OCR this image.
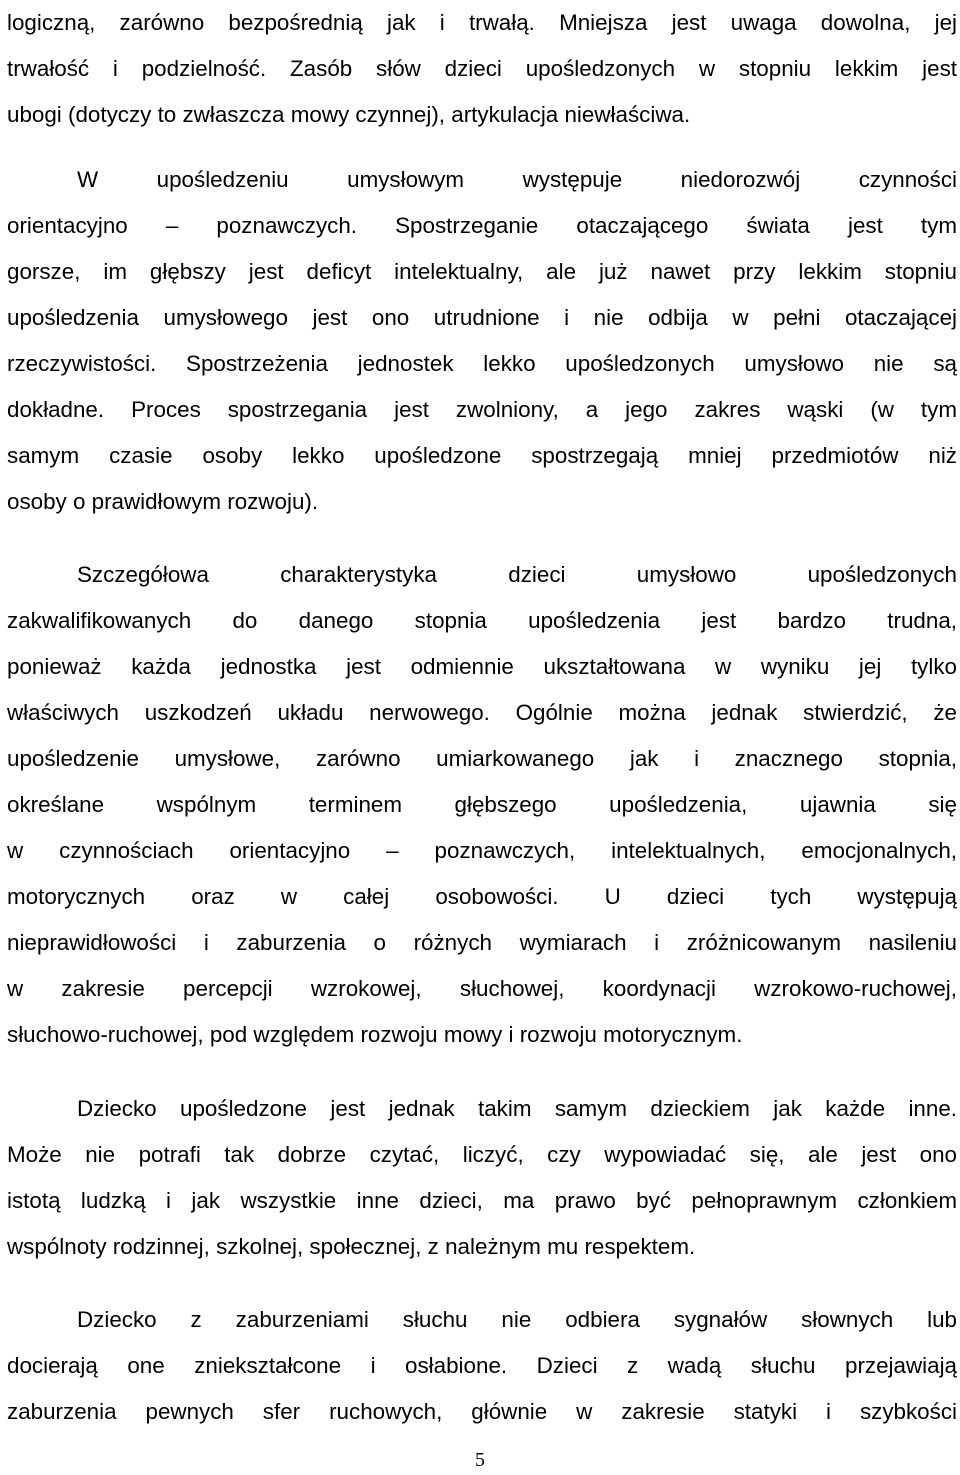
logiczną, zarówno bezpośrednią jak i trwałą. Mniejsza jest uwaga dowolna, jej
trwałość i podzielność. Zasób słów dzieci upośledzonych w stopniu lekkim jest
ubogi (dotyczy to zwłaszcza mowy czynnej), artykulacja niewłaściwa.
W upośledzeniu umysłowym występuje niedorozwój czynności
orientacyjno – poznawczych. Spostrzeganie otaczającego świata jest tym
gorsze, im głębszy jest deficyt intelektualny, ale już nawet przy lekkim stopniu
upośledzenia umysłowego jest ono utrudnione i nie odbija w pełni otaczającej
rzeczywistości. Spostrzeżenia jednostek lekko upośledzonych umysłowo nie są
dokładne. Proces spostrzegania jest zwolniony, a jego zakres wąski (w tym
samym czasie osoby lekko upośledzone spostrzegają mniej przedmiotów niż
osoby o prawidłowym rozwoju).
Szczegółowa charakterystyka dzieci umysłowo upośledzonych
zakwalifikowanych do danego stopnia upośledzenia jest bardzo trudna,
ponieważ każda jednostka jest odmiennie ukształtowana w wyniku jej tylko
właściwych uszkodzeń układu nerwowego. Ogólnie można jednak stwierdzić, że
upośledzenie umysłowe, zarówno umiarkowanego jak i znacznego stopnia,
określane wspólnym terminem głębszego upośledzenia, ujawnia się
w czynnościach orientacyjno – poznawczych, intelektualnych, emocjonalnych,
motorycznych oraz w całej osobowości. U dzieci tych występują
nieprawidłowości i zaburzenia o różnych wymiarach i zróżnicowanym nasileniu
w zakresie percepcji wzrokowej, słuchowej, koordynacji wzrokowo-ruchowej,
słuchowo-ruchowej, pod względem rozwoju mowy i rozwoju motorycznym.
Dziecko upośledzone jest jednak takim samym dzieckiem jak każde inne.
Może nie potrafi tak dobrze czytać, liczyć, czy wypowiadać się, ale jest ono
istotą ludzką i jak wszystkie inne dzieci, ma prawo być pełnoprawnym członkiem
wspólnoty rodzinnej, szkolnej, społecznej, z należnym mu respektem.
Dziecko z zaburzeniami słuchu nie odbiera sygnałów słownych lub
docierają one zniekształcone i osłabione. Dzieci z wadą słuchu przejawiają
zaburzenia pewnych sfer ruchowych, głównie w zakresie statyki i szybkości
5
